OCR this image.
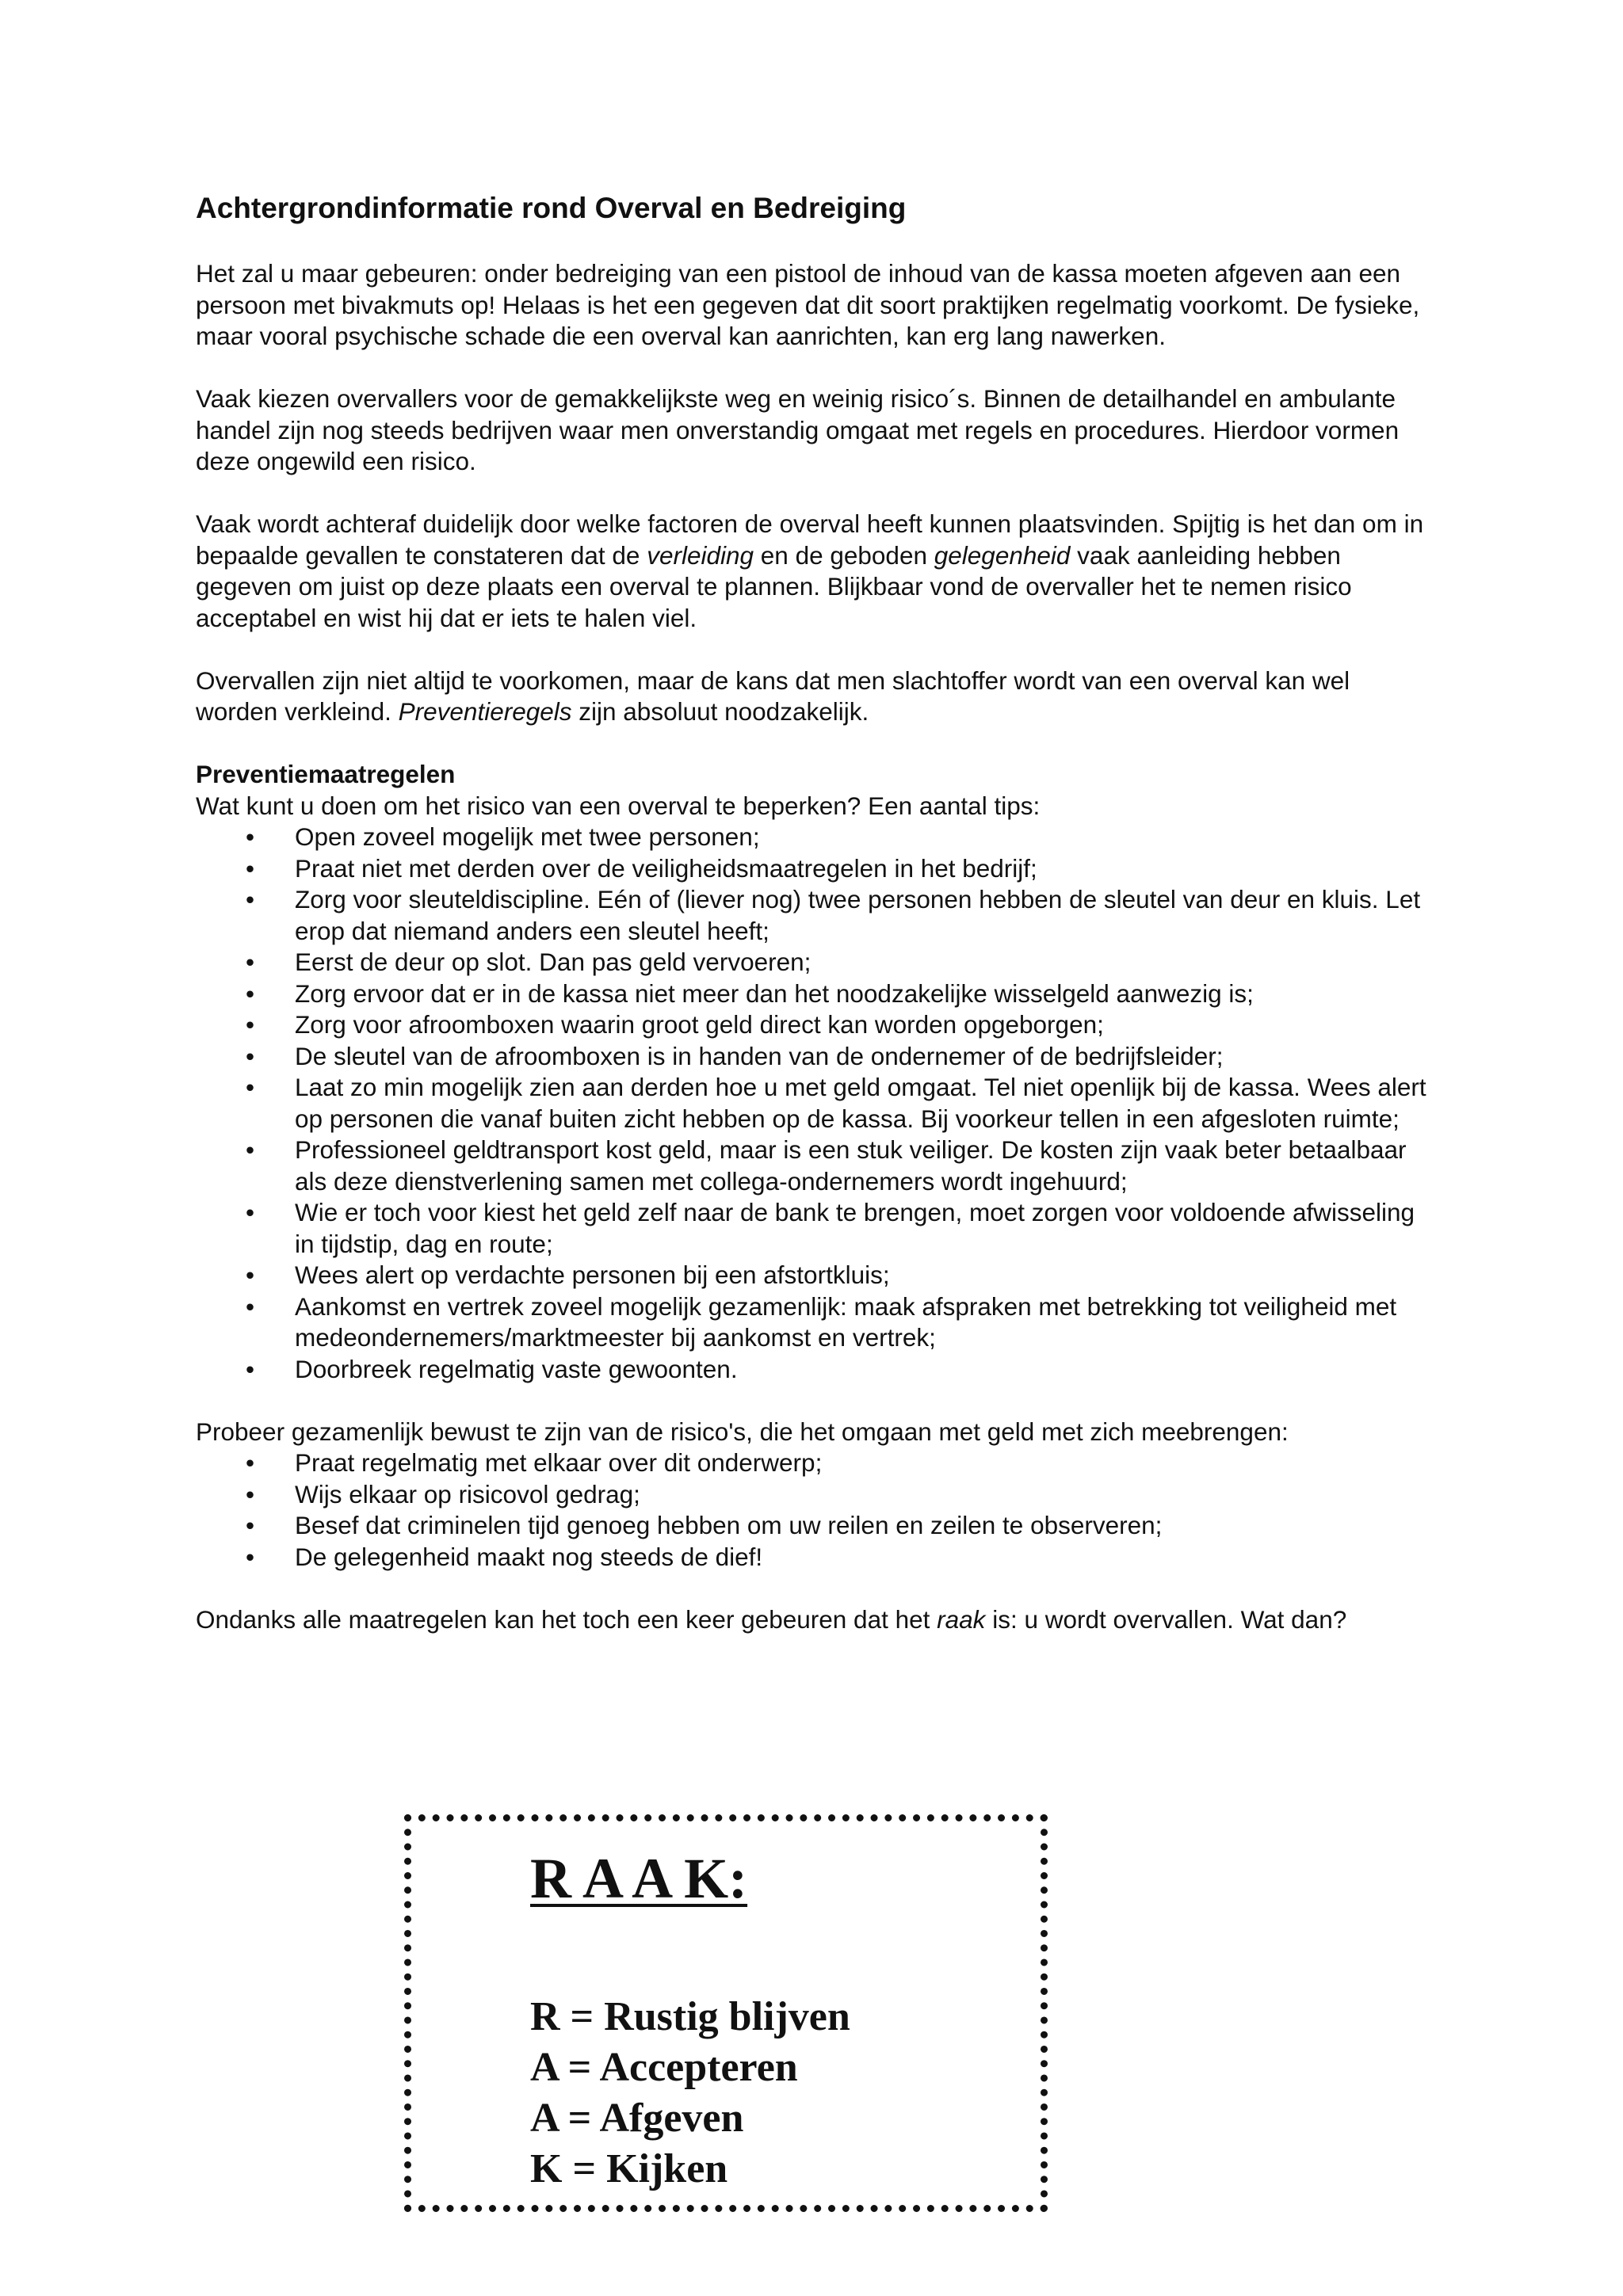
Achtergrondinformatie rond Overval en Bedreiging

Het zal u maar gebeuren: onder bedreiging van een pistool de inhoud van de kassa moeten afgeven aan een persoon met bivakmuts op! Helaas is het een gegeven dat dit soort praktijken regelmatig voorkomt. De fysieke, maar vooral psychische schade die een overval kan aanrichten, kan erg lang nawerken.

Vaak kiezen overvallers voor de gemakkelijkste weg en weinig risico´s. Binnen de detailhandel en ambulante handel zijn nog steeds bedrijven waar men onverstandig omgaat met regels en procedures. Hierdoor vormen deze ongewild een risico.

Vaak wordt achteraf duidelijk door welke factoren de overval heeft kunnen plaatsvinden. Spijtig is het dan om in bepaalde gevallen te constateren dat de verleiding en de geboden gelegenheid vaak aanleiding hebben gegeven om juist op deze plaats een overval te plannen. Blijkbaar vond de overvaller het te nemen risico acceptabel en wist hij dat er iets te halen viel.

Overvallen zijn niet altijd te voorkomen, maar de kans dat men slachtoffer wordt van een overval kan wel worden verkleind. Preventieregels zijn absoluut noodzakelijk.

Preventiemaatregelen
Wat kunt u doen om het risico van een overval te beperken? Een aantal tips:

• Open zoveel mogelijk met twee personen;
• Praat niet met derden over de veiligheidsmaatregelen in het bedrijf;
• Zorg voor sleuteldiscipline. Eén of (liever nog) twee personen hebben de sleutel van deur en kluis. Let erop dat niemand anders een sleutel heeft;
• Eerst de deur op slot. Dan pas geld vervoeren;
• Zorg ervoor dat er in de kassa niet meer dan het noodzakelijke wisselgeld aanwezig is;
• Zorg voor afroomboxen waarin groot geld direct kan worden opgeborgen;
• De sleutel van de afroomboxen is in handen van de ondernemer of de bedrijfsleider;
• Laat zo min mogelijk zien aan derden hoe u met geld omgaat. Tel niet openlijk bij de kassa. Wees alert op personen die vanaf buiten zicht hebben op de kassa. Bij voorkeur tellen in een afgesloten ruimte;
• Professioneel geldtransport kost geld, maar is een stuk veiliger. De kosten zijn vaak beter betaalbaar als deze dienstverlening samen met collega-ondernemers wordt ingehuurd;
• Wie er toch voor kiest het geld zelf naar de bank te brengen, moet zorgen voor voldoende afwisseling in tijdstip, dag en route;
• Wees alert op verdachte personen bij een afstortkluis;
• Aankomst en vertrek zoveel mogelijk gezamenlijk: maak afspraken met betrekking tot veiligheid met medeondernemers/marktmeester bij aankomst en vertrek;
• Doorbreek regelmatig vaste gewoonten.

Probeer gezamenlijk bewust te zijn van de risico's, die het omgaan met geld met zich meebrengen:

• Praat regelmatig met elkaar over dit onderwerp;
• Wijs elkaar op risicovol gedrag;
• Besef dat criminelen tijd genoeg hebben om uw reilen en zeilen te observeren;
• De gelegenheid maakt nog steeds de dief!

Ondanks alle maatregelen kan het toch een keer gebeuren dat het raak is: u wordt overvallen. Wat dan?

R A A K:
R = Rustig blijven
A = Accepteren
A = Afgeven
K = Kijken
